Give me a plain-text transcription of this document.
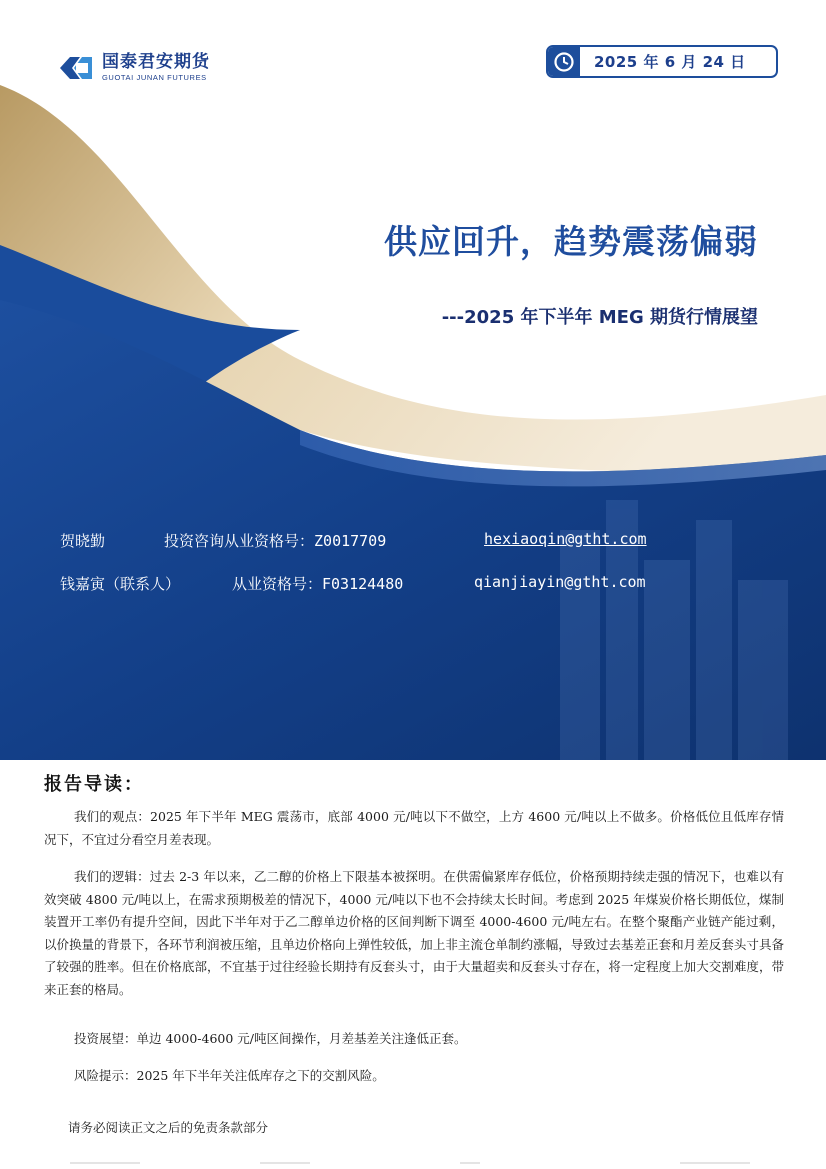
国泰君安期货
GUOTAI JUNAN FUTURES
2025 年 6 月 24 日
供应回升，趋势震荡偏弱
---2025 年下半年 MEG 期货行情展望
贺晓勤	投资咨询从业资格号：Z0017709	hexiaoqin@gtht.com
钱嘉寅（联系人）	从业资格号：F03124480	qianjiayin@gtht.com
报告导读：

我们的观点：2025 年下半年 MEG 震荡市，底部 4000 元/吨以下不做空，上方 4600 元/吨以上不做多。价格低位且低库存情况下，不宜过分看空月差表现。

我们的逻辑：过去 2-3 年以来，乙二醇的价格上下限基本被探明。在供需偏紧库存低位，价格预期持续走强的情况下，也难以有效突破 4800 元/吨以上，在需求预期极差的情况下，4000 元/吨以下也不会持续太长时间。考虑到 2025 年煤炭价格长期低位，煤制装置开工率仍有提升空间，因此下半年对于乙二醇单边价格的区间判断下调至 4000-4600 元/吨左右。在整个聚酯产业链产能过剩，以价换量的背景下，各环节利润被压缩，且单边价格向上弹性较低，加上非主流仓单制约涨幅，导致过去基差正套和月差反套头寸具备了较强的胜率。但在价格底部，不宜基于过往经验长期持有反套头寸，由于大量超卖和反套头寸存在，将一定程度上加大交割难度，带来正套的格局。

投资展望：单边 4000-4600 元/吨区间操作，月差基差关注逢低正套。

风险提示：2025 年下半年关注低库存之下的交割风险。

请务必阅读正文之后的免责条款部分
